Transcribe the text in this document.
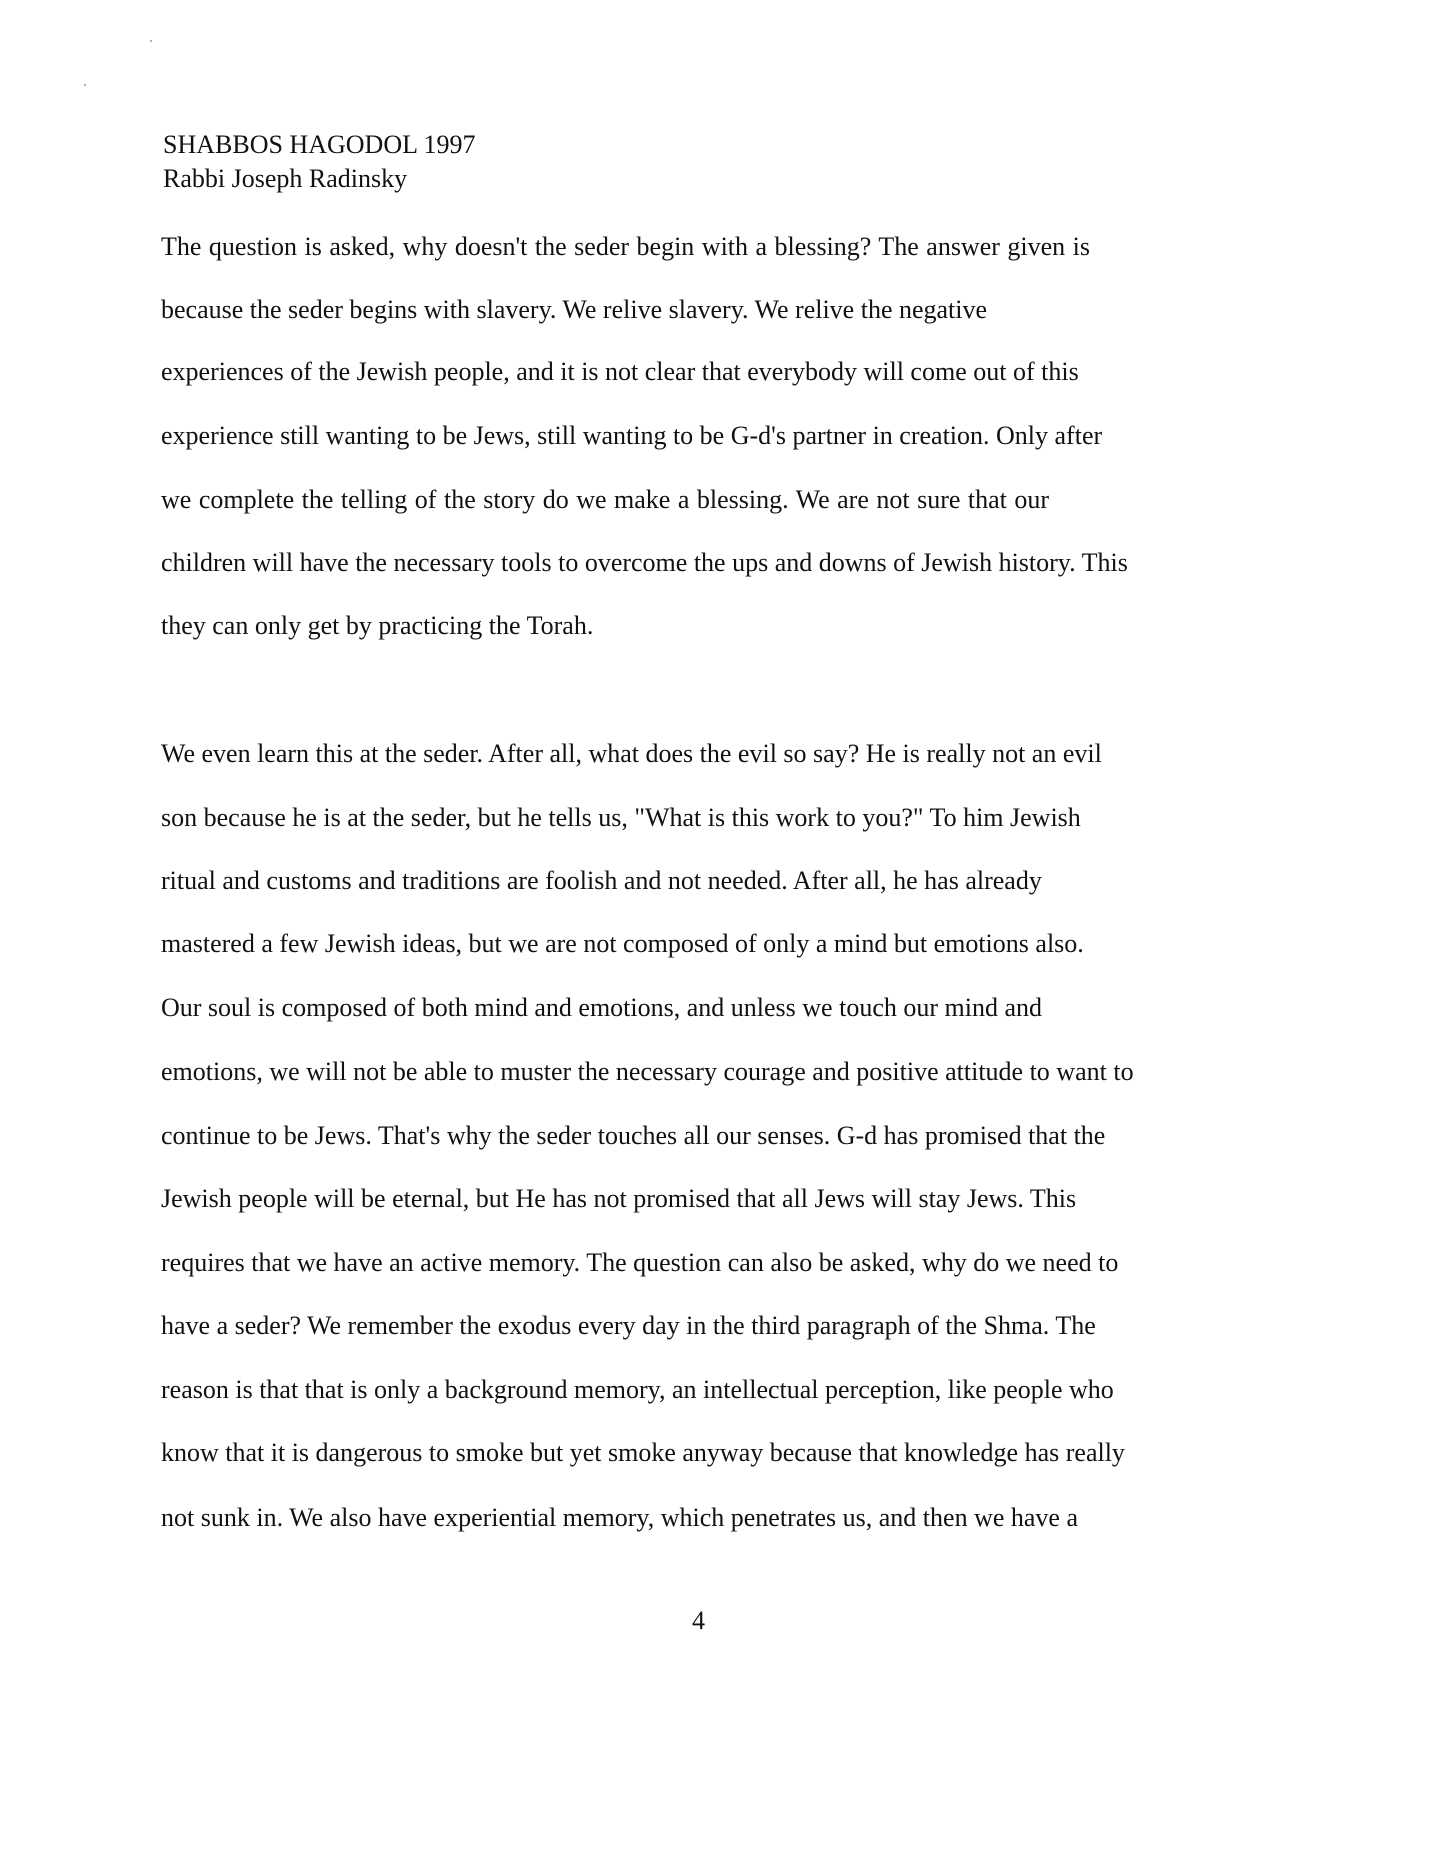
SHABBOS HAGODOL 1997
Rabbi Joseph Radinsky
The question is asked, why doesn't the seder begin with a blessing? The answer given is
because the seder begins with slavery. We relive slavery. We relive the negative
experiences of the Jewish people, and it is not clear that everybody will come out of this
experience still wanting to be Jews, still wanting to be G-d's partner in creation. Only after
we complete the telling of the story do we make a blessing. We are not sure that our
children will have the necessary tools to overcome the ups and downs of Jewish history. This
they can only get by practicing the Torah.
We even learn this at the seder. After all, what does the evil so say? He is really not an evil
son because he is at the seder, but he tells us, "What is this work to you?" To him Jewish
ritual and customs and traditions are foolish and not needed. After all, he has already
mastered a few Jewish ideas, but we are not composed of only a mind but emotions also.
Our soul is composed of both mind and emotions, and unless we touch our mind and
emotions, we will not be able to muster the necessary courage and positive attitude to want to
continue to be Jews. That's why the seder touches all our senses. G-d has promised that the
Jewish people will be eternal, but He has not promised that all Jews will stay Jews. This
requires that we have an active memory. The question can also be asked, why do we need to
have a seder? We remember the exodus every day in the third paragraph of the Shma. The
reason is that that is only a background memory, an intellectual perception, like people who
know that it is dangerous to smoke but yet smoke anyway because that knowledge has really
not sunk in. We also have experiential memory, which penetrates us, and then we have a
4
